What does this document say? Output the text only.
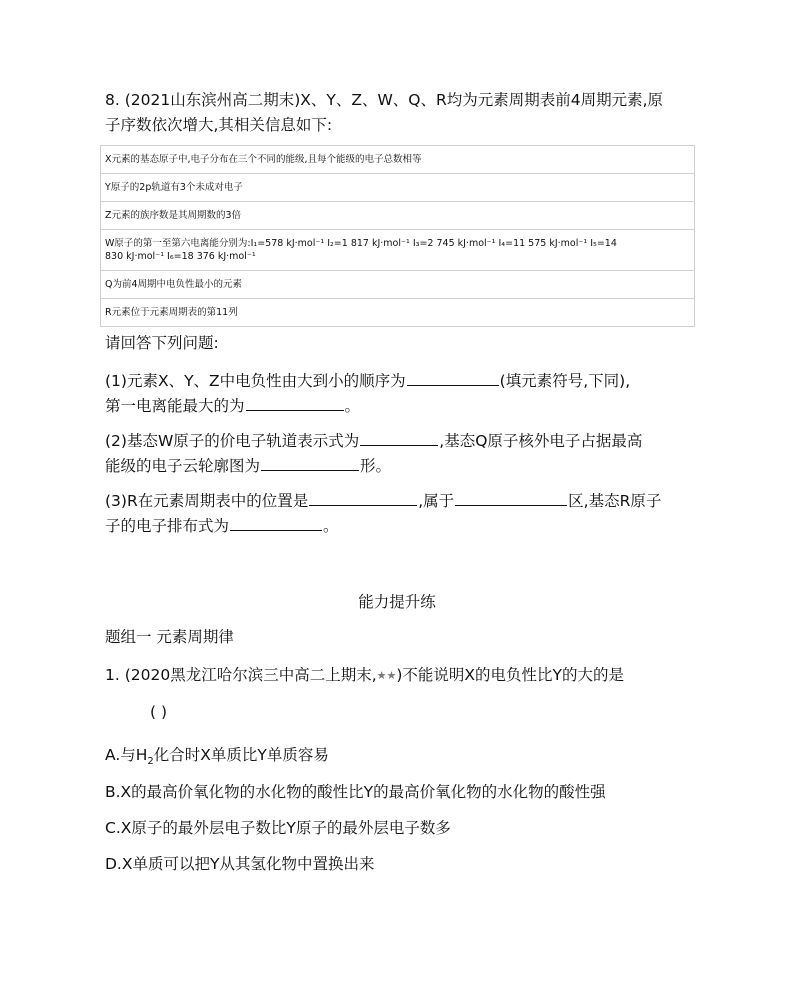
8. (2021山东滨州高二期末)X、Y、Z、W、Q、R均为元素周期表前4周期元素,原
子序数依次增大,其相关信息如下:
X元素的基态原子中,电子分布在三个不同的能级,且每个能级的电子总数相等
Y原子的2p轨道有3个未成对电子
Z元素的族序数是其周期数的3倍

W原子的第一至第六电离能分别为:I₁=578 kJ·mol⁻¹ I₂=1 817 kJ·mol⁻¹ I₃=2 745 kJ·mol⁻¹ I₄=11 575 kJ·mol⁻¹ I₅=14
830 kJ·mol⁻¹ I₆=18 376 kJ·mol⁻¹

Q为前4周期中电负性最小的元素
R元素位于元素周期表的第11列
请回答下列问题:
(1)元素X、Y、Z中电负性由大到小的顺序为	(填元素符号,下同),
第一电离能最大的为	。
(2)基态W原子的价电子轨道表示式为	,基态Q原子核外电子占据最高
能级的电子云轮廓图为	形。
(3)R在元素周期表中的位置是	,属于	区,基态R原子
子的电子排布式为	。
能力提升练
题组一 元素周期律
1. (2020黑龙江哈尔滨三中高二上期末,★★)不能说明X的电负性比Y的大的是
( )
A.与$H_2$化合时X单质比Y单质容易
B.X的最高价氧化物的水化物的酸性比Y的最高价氧化物的水化物的酸性强
C.X原子的最外层电子数比Y原子的最外层电子数多
D.X单质可以把Y从其氢化物中置换出来
